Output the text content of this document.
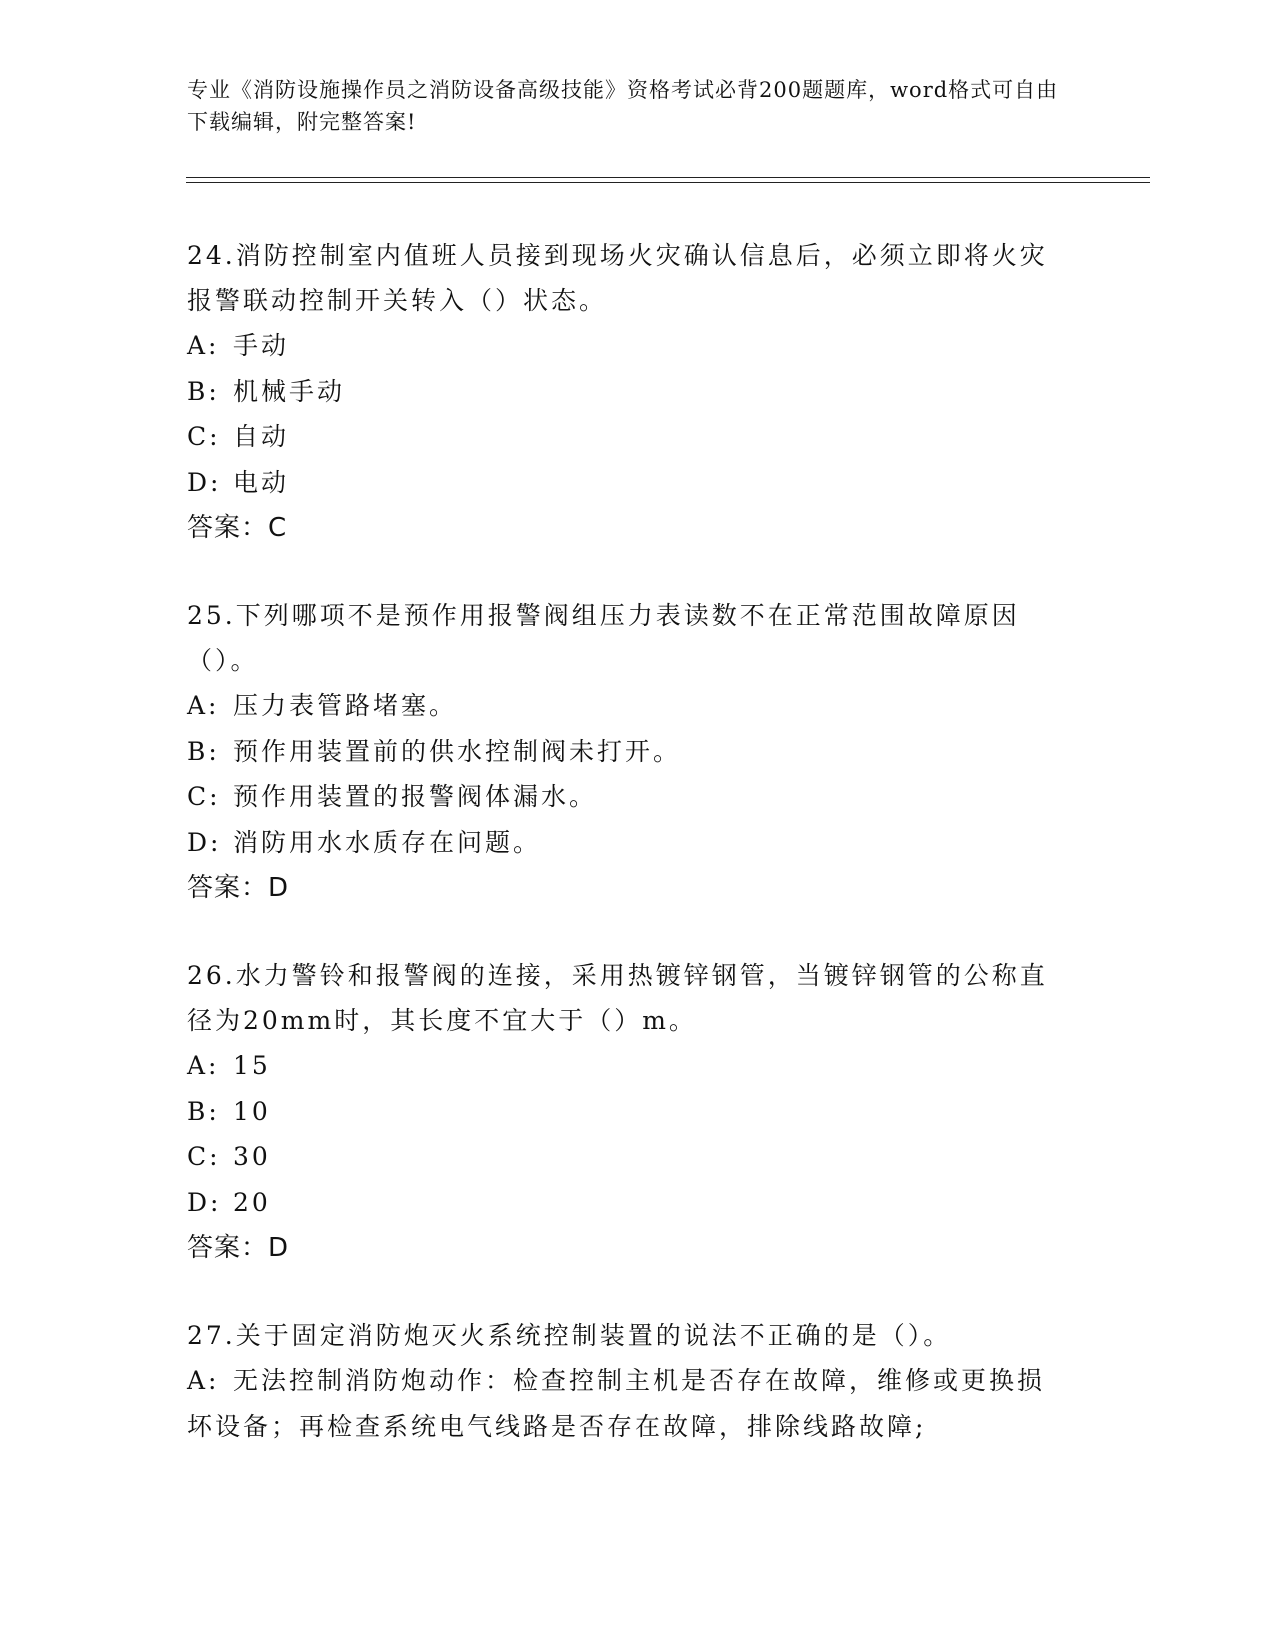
专业《消防设施操作员之消防设备高级技能》资格考试必背200题题库，word格式可自由下载编辑，附完整答案!
24.消防控制室内值班人员接到现场火灾确认信息后，必须立即将火灾报警联动控制开关转入（）状态。
A: 手动
B: 机械手动
C: 自动
D: 电动
答案：C
25.下列哪项不是预作用报警阀组压力表读数不在正常范围故障原因（）。
A: 压力表管路堵塞。
B: 预作用装置前的供水控制阀未打开。
C: 预作用装置的报警阀体漏水。
D: 消防用水水质存在问题。
答案：D
26.水力警铃和报警阀的连接，采用热镀锌钢管，当镀锌钢管的公称直径为20mm时，其长度不宜大于（）m。
A: 15
B: 10
C: 30
D: 20
答案：D
27.关于固定消防炮灭火系统控制装置的说法不正确的是（）。
A: 无法控制消防炮动作：检查控制主机是否存在故障，维修或更换损坏设备；再检查系统电气线路是否存在故障，排除线路故障;
